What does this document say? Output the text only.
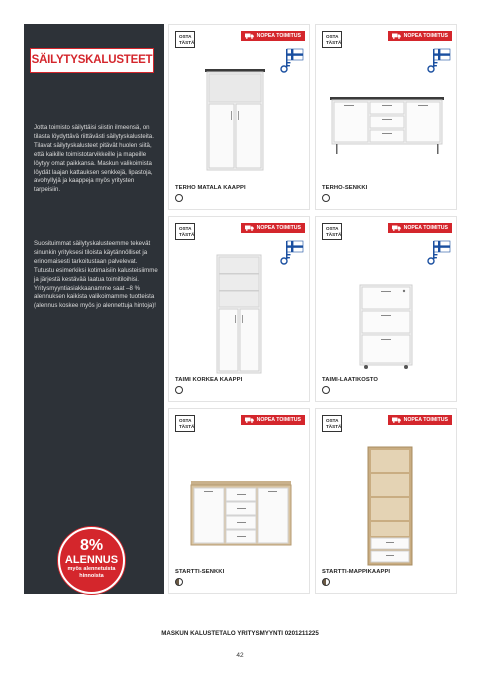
SÄILYTYSKALUSTEET

Jotta toimisto säilyttäisi siistin ilmeensä, on tilasta löydyttävä riittävästi säilytyskalusteita. Tilavat säilytyskalusteet pitävät huolen siitä, että kaikille toimistotarvikkeille ja mapeille löytyy omat paikkansa. Maskun valikoimista löydät laajan kattauksen senkkejä, lipastoja, avohyllyjä ja kaappeja myös yritysten tarpeisiin.

Suosituimmat säilytyskalusteemme tekevät sinunkin yrityksesi tiloista käytännölliset ja erinomaisesti tarkoitustaan palvelevat. Tutustu esimerkiksi kotimaisiin kalusteisiimme ja järjestä kestävää laatua toimitiloihisi. Yritysmyyntiasiakkaanamme saat –8 % alennuksen kaikista valikoimamme tuotteista (alennus koskee myös jo alennettuja hintoja)!

8%
ALENNUS
myös alennetuista hinnoista
OSTA
TÄSTÄ
NOPEA TOIMITUS
TERHO MATALA KAAPPI
OSTA
TÄSTÄ
NOPEA TOIMITUS
TERHO-SENKKI
OSTA
TÄSTÄ
NOPEA TOIMITUS
TAIMI KORKEA KAAPPI
OSTA
TÄSTÄ
NOPEA TOIMITUS
TAIMI-LAATIKOSTO
OSTA
TÄSTÄ
NOPEA TOIMITUS
STARTTI-SENKKI
OSTA
TÄSTÄ
NOPEA TOIMITUS
STARTTI-MAPPIKAAPPI
MASKUN KALUSTETALO YRITYSMYYNTI 0201211225
42
